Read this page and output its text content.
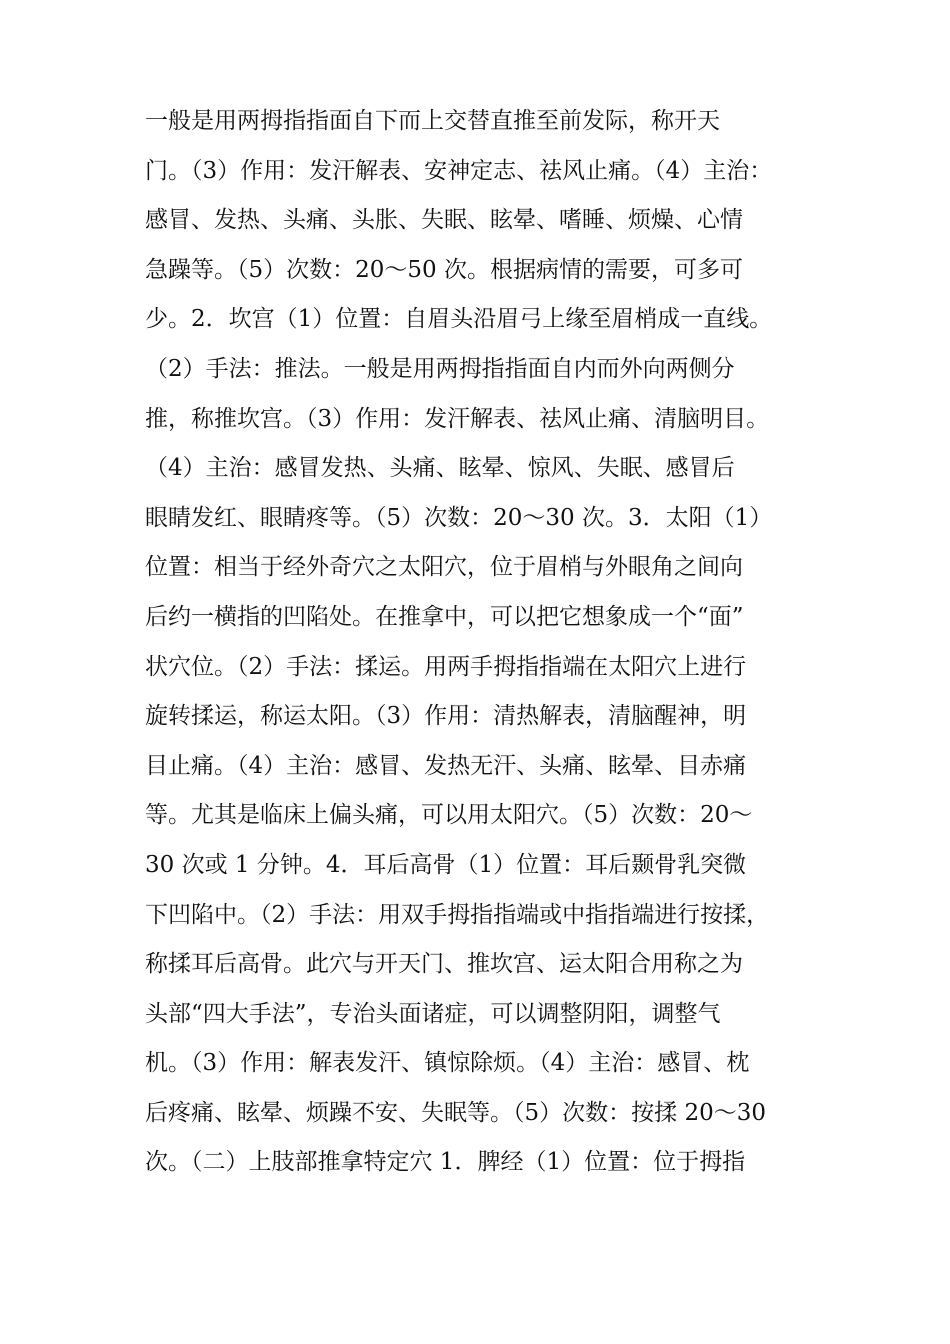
一般是用两拇指指面自下而上交替直推至前发际，称开天
门。（3）作用：发汗解表、安神定志、祛风止痛。（4）主治：
感冒、发热、头痛、头胀、失眠、眩晕、嗜睡、烦燥、心情
急躁等。（5）次数：20～50 次。根据病情的需要，可多可
少。2．坎宫（1）位置：自眉头沿眉弓上缘至眉梢成一直线。
（2）手法：推法。一般是用两拇指指面自内而外向两侧分
推，称推坎宫。（3）作用：发汗解表、祛风止痛、清脑明目。
（4）主治：感冒发热、头痛、眩晕、惊风、失眠、感冒后
眼睛发红、眼睛疼等。（5）次数：20～30 次。3．太阳（1）
位置：相当于经外奇穴之太阳穴，位于眉梢与外眼角之间向
后约一横指的凹陷处。在推拿中，可以把它想象成一个“面”
状穴位。（2）手法：揉运。用两手拇指指端在太阳穴上进行
旋转揉运，称运太阳。（3）作用：清热解表，清脑醒神，明
目止痛。（4）主治：感冒、发热无汗、头痛、眩晕、目赤痛
等。尤其是临床上偏头痛，可以用太阳穴。（5）次数：20～
30 次或 1 分钟。4．耳后高骨（1）位置：耳后颞骨乳突微
下凹陷中。（2）手法：用双手拇指指端或中指指端进行按揉，
称揉耳后高骨。此穴与开天门、推坎宫、运太阳合用称之为
头部“四大手法”，专治头面诸症，可以调整阴阳，调整气
机。（3）作用：解表发汗、镇惊除烦。（4）主治：感冒、枕
后疼痛、眩晕、烦躁不安、失眠等。（5）次数：按揉 20～30
次。（二）上肢部推拿特定穴 1．脾经（1）位置：位于拇指
